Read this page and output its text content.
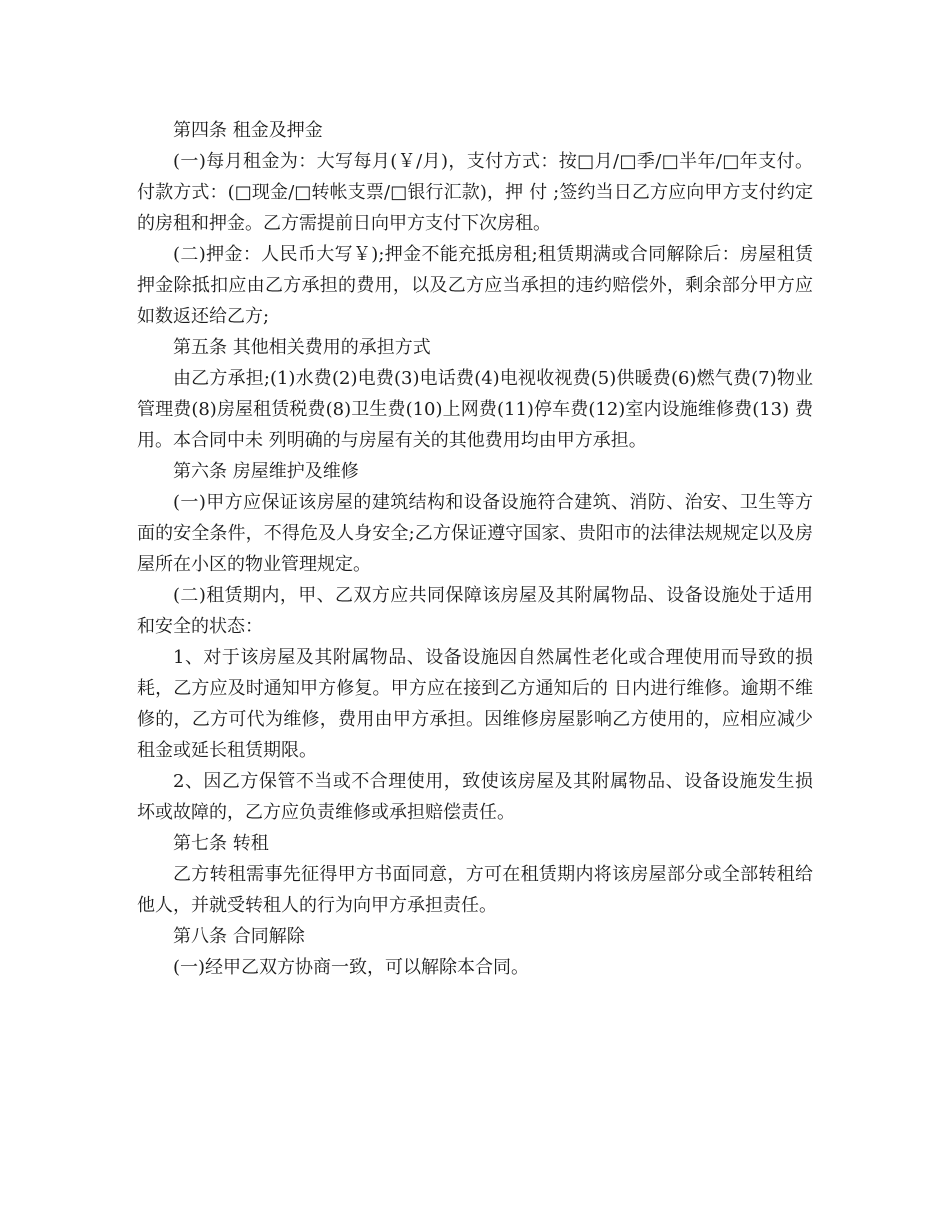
第四条 租金及押金

(一)每月租金为：大写每月(￥/月)，支付方式：按□月/□季/□半年/□年支付。付款方式：(□现金/□转帐支票/□银行汇款)，押 付 ;签约当日乙方应向甲方支付约定的房租和押金。乙方需提前日向甲方支付下次房租。

(二)押金：人民币大写￥);押金不能充抵房租;租赁期满或合同解除后：房屋租赁押金除抵扣应由乙方承担的费用，以及乙方应当承担的违约赔偿外，剩余部分甲方应如数返还给乙方;

第五条 其他相关费用的承担方式

由乙方承担;(1)水费(2)电费(3)电话费(4)电视收视费(5)供暖费(6)燃气费(7)物业管理费(8)房屋租赁税费(8)卫生费(10)上网费(11)停车费(12)室内设施维修费(13) 费用。本合同中未 列明确的与房屋有关的其他费用均由甲方承担。

第六条 房屋维护及维修

(一)甲方应保证该房屋的建筑结构和设备设施符合建筑、消防、治安、卫生等方面的安全条件，不得危及人身安全;乙方保证遵守国家、贵阳市的法律法规规定以及房屋所在小区的物业管理规定。

(二)租赁期内，甲、乙双方应共同保障该房屋及其附属物品、设备设施处于适用和安全的状态：

1、对于该房屋及其附属物品、设备设施因自然属性老化或合理使用而导致的损耗，乙方应及时通知甲方修复。甲方应在接到乙方通知后的 日内进行维修。逾期不维修的，乙方可代为维修，费用由甲方承担。因维修房屋影响乙方使用的，应相应减少租金或延长租赁期限。

2、因乙方保管不当或不合理使用，致使该房屋及其附属物品、设备设施发生损坏或故障的，乙方应负责维修或承担赔偿责任。

第七条 转租

乙方转租需事先征得甲方书面同意，方可在租赁期内将该房屋部分或全部转租给他人，并就受转租人的行为向甲方承担责任。

第八条 合同解除

(一)经甲乙双方协商一致，可以解除本合同。
